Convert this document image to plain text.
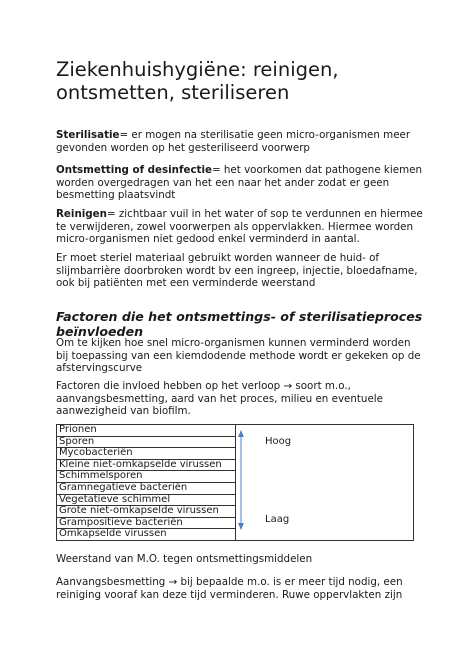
Ziekenhuishygiëne: reinigen, ontsmetten, steriliseren

Sterilisatie= er mogen na sterilisatie geen micro-organismen meer gevonden worden op het gesteriliseerd voorwerp

Ontsmetting of desinfectie= het voorkomen dat pathogene kiemen worden overgedragen van het een naar het ander zodat er geen besmetting plaatsvindt

Reinigen= zichtbaar vuil in het water of sop te verdunnen en hiermee te verwijderen, zowel voorwerpen als oppervlakken. Hiermee worden micro-organismen niet gedood enkel verminderd in aantal.

Er moet steriel materiaal gebruikt worden wanneer de huid- of slijmbarrière doorbroken wordt bv een ingreep, injectie, bloedafname, ook bij patiënten met een verminderde weerstand

Factoren die het ontsmettings- of sterilisatieproces beïnvloeden

Om te kijken hoe snel micro-organismen kunnen verminderd worden bij toepassing van een kiemdodende methode wordt er gekeken op de afstervingscurve

Factoren die invloed hebben op het verloop → soort m.o., aanvangsbesmetting, aard van het proces, milieu en eventuele aanwezigheid van biofilm.

Prionen	
Sporen
Mycobacteriën
Kleine niet-omkapselde virussen
Schimmelsporen
Gramnegatieve bacteriën
Vegetatieve schimmel
Grote niet-omkapselde virussen
Grampositieve bacteriën
Omkapselde virussen
Hoog
Laag

Weerstand van M.O. tegen ontsmettingsmiddelen

Aanvangsbesmetting → bij bepaalde m.o. is er meer tijd nodig, een reiniging vooraf kan deze tijd verminderen. Ruwe oppervlakten zijn
